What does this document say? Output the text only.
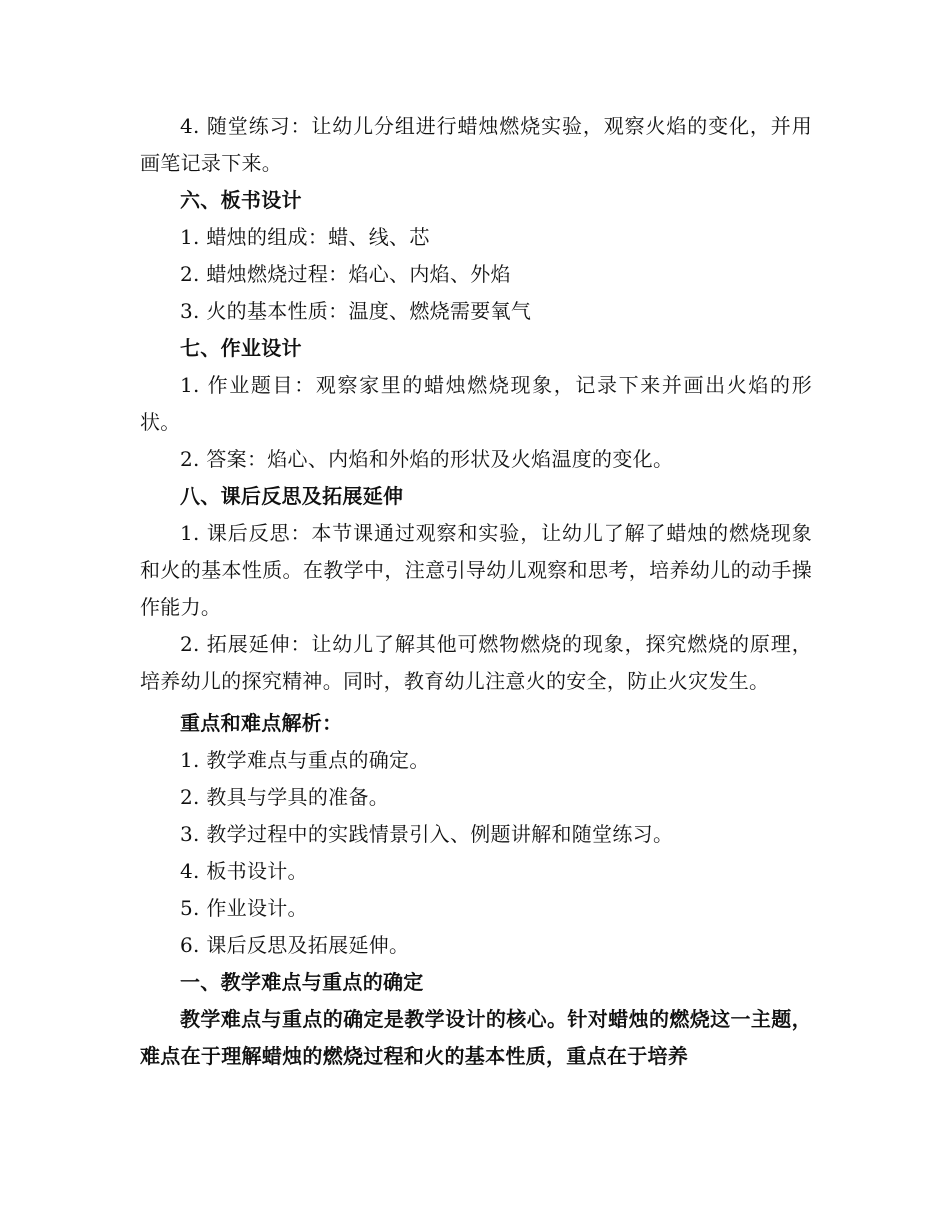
4. 随堂练习：让幼儿分组进行蜡烛燃烧实验，观察火焰的变化，并用画笔记录下来。

六、板书设计

1. 蜡烛的组成：蜡、线、芯

2. 蜡烛燃烧过程：焰心、内焰、外焰

3. 火的基本性质：温度、燃烧需要氧气

七、作业设计

1. 作业题目：观察家里的蜡烛燃烧现象，记录下来并画出火焰的形状。

2. 答案：焰心、内焰和外焰的形状及火焰温度的变化。

八、课后反思及拓展延伸

1. 课后反思：本节课通过观察和实验，让幼儿了解了蜡烛的燃烧现象和火的基本性质。在教学中，注意引导幼儿观察和思考，培养幼儿的动手操作能力。

2. 拓展延伸：让幼儿了解其他可燃物燃烧的现象，探究燃烧的原理，培养幼儿的探究精神。同时，教育幼儿注意火的安全，防止火灾发生。

重点和难点解析：

1. 教学难点与重点的确定。

2. 教具与学具的准备。

3. 教学过程中的实践情景引入、例题讲解和随堂练习。

4. 板书设计。

5. 作业设计。

6. 课后反思及拓展延伸。

一、教学难点与重点的确定

教学难点与重点的确定是教学设计的核心。针对蜡烛的燃烧这一主题，难点在于理解蜡烛的燃烧过程和火的基本性质，重点在于培养
